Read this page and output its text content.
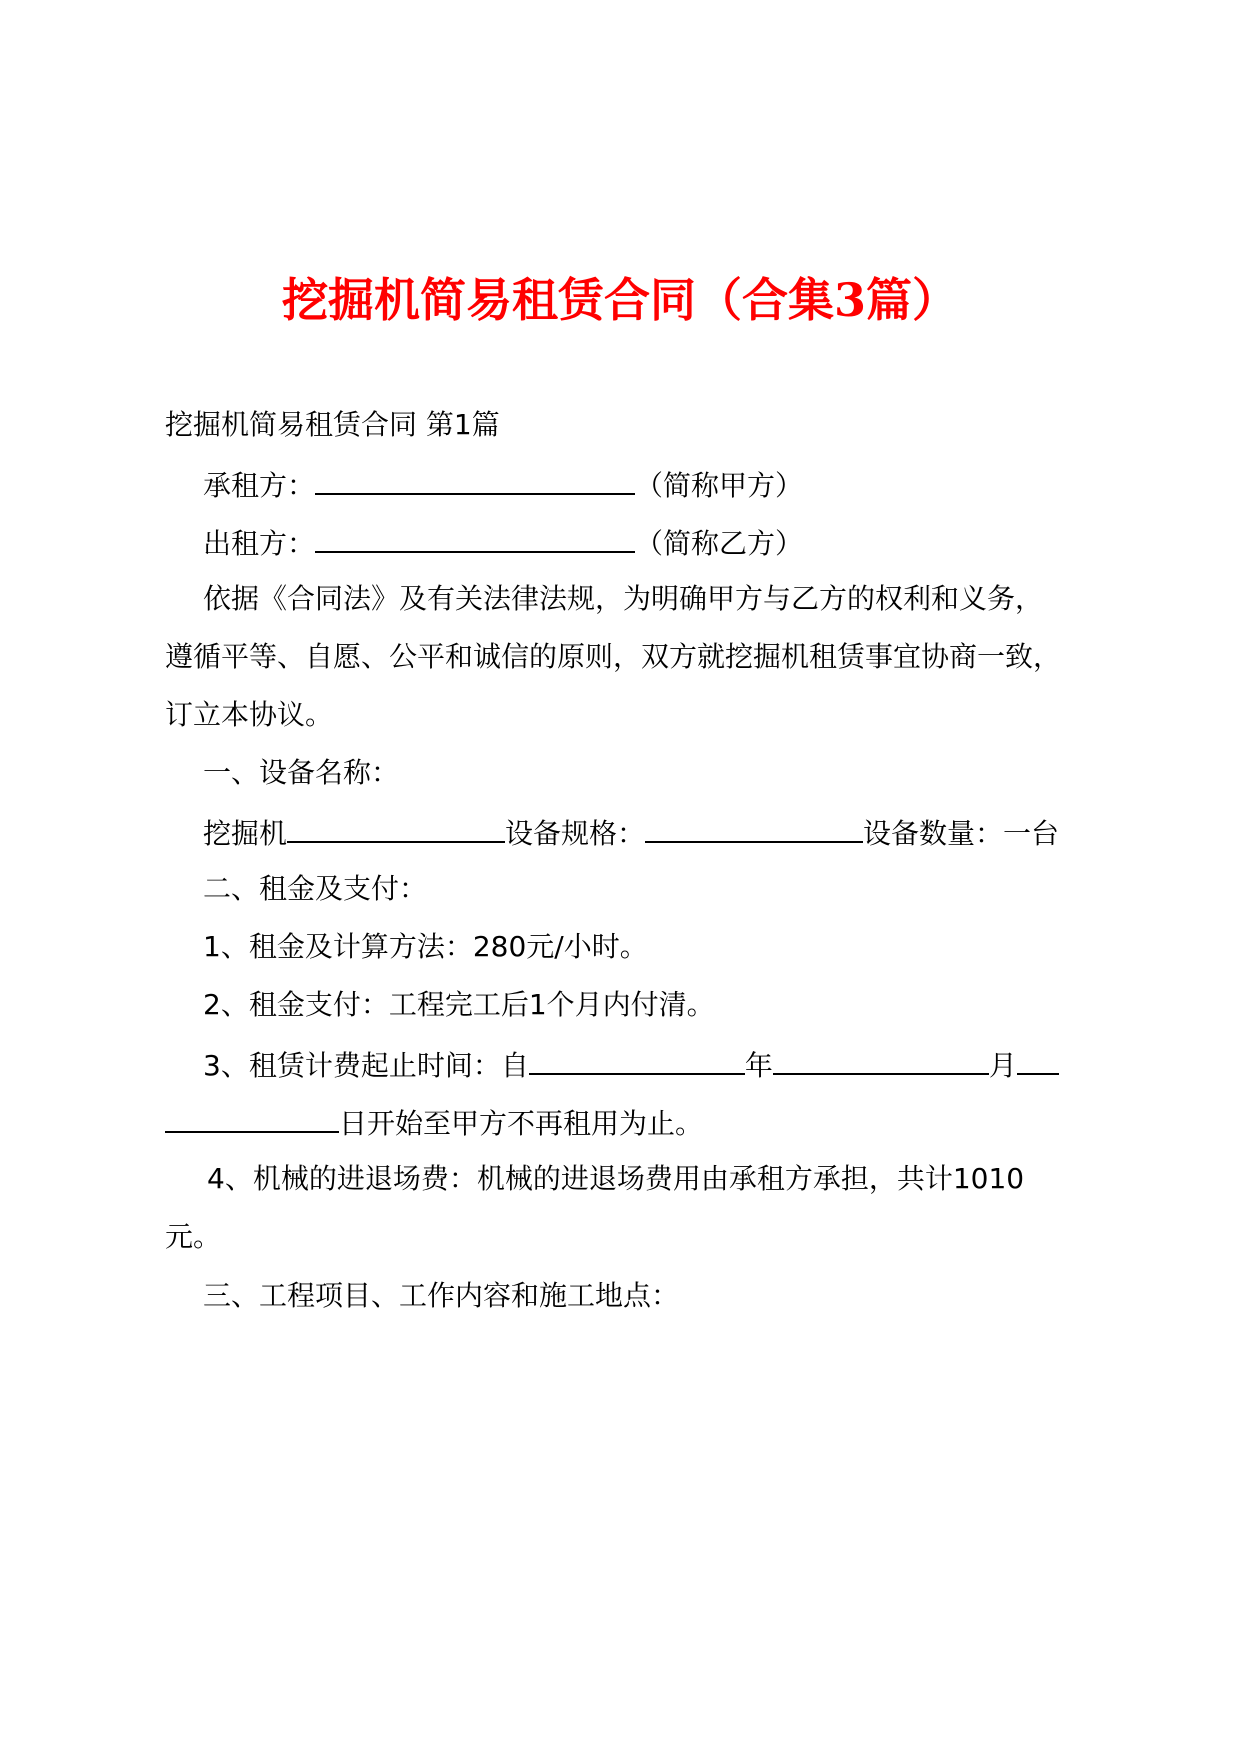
挖掘机简易租赁合同（合集3篇）
挖掘机简易租赁合同 第1篇
承租方：	（简称甲方）
出租方：	（简称乙方）
依据《合同法》及有关法律法规，为明确甲方与乙方的权利和义务，
遵循平等、自愿、公平和诚信的原则，双方就挖掘机租赁事宜协商一致，
订立本协议。
一、设备名称：
挖掘机	设备规格：	设备数量：一台
二、租金及支付：
1、租金及计算方法：280元/小时。
2、租金支付：工程完工后1个月内付清。
3、租赁计费起止时间：自	年	月
日开始至甲方不再租用为止。
4、机械的进退场费：机械的进退场费用由承租方承担，共计1010
元。
三、工程项目、工作内容和施工地点：
